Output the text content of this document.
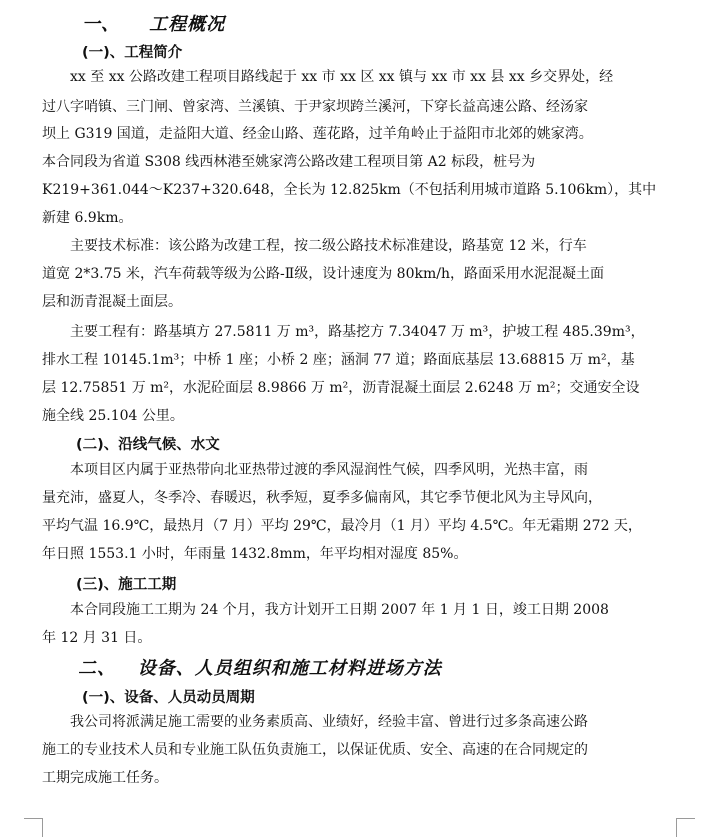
一、    工程概况
(一)、工程简介
xx 至 xx 公路改建工程项目路线起于 xx 市 xx 区 xx 镇与 xx 市 xx 县 xx 乡交界处，经
过八字哨镇、三门闸、曾家湾、兰溪镇、于尹家坝跨兰溪河，下穿长益高速公路、经汤家
坝上 G319 国道，走益阳大道、经金山路、莲花路，过羊角岭止于益阳市北郊的姚家湾。
本合同段为省道 S308 线西林港至姚家湾公路改建工程项目第 A2 标段，桩号为
K219+361.044～K237+320.648，全长为 12.825km（不包括利用城市道路 5.106km），其中
新建 6.9km。
主要技术标准：该公路为改建工程，按二级公路技术标准建设，路基宽 12 米，行车
道宽 2*3.75 米，汽车荷载等级为公路-Ⅱ级，设计速度为 80km/h，路面采用水泥混凝土面
层和沥青混凝土面层。
主要工程有：路基填方 27.5811 万 m³，路基挖方 7.34047 万 m³，护坡工程 485.39m³，
排水工程 10145.1m³；中桥 1 座；小桥 2 座；涵洞 77 道；路面底基层 13.68815 万 m²，基
层 12.75851 万 m²，水泥砼面层 8.9866 万 m²，沥青混凝土面层 2.6248 万 m²；交通安全设
施全线 25.104 公里。
(二)、沿线气候、水文
本项目区内属于亚热带向北亚热带过渡的季风湿润性气候，四季风明，光热丰富，雨
量充沛，盛夏人，冬季冷、春暖迟，秋季短，夏季多偏南风，其它季节便北风为主导风向，
平均气温 16.9℃，最热月（7 月）平均 29℃，最冷月（1 月）平均 4.5℃。年无霜期 272 天，
年日照 1553.1 小时，年雨量 1432.8mm，年平均相对湿度 85%。
(三)、施工工期
本合同段施工工期为 24 个月，我方计划开工日期 2007 年 1 月 1 日，竣工日期 2008
年 12 月 31 日。
二、   设备、人员组织和施工材料进场方法
(一)、设备、人员动员周期
我公司将派满足施工需要的业务素质高、业绩好，经验丰富、曾进行过多条高速公路
施工的专业技术人员和专业施工队伍负责施工，以保证优质、安全、高速的在合同规定的
工期完成施工任务。
